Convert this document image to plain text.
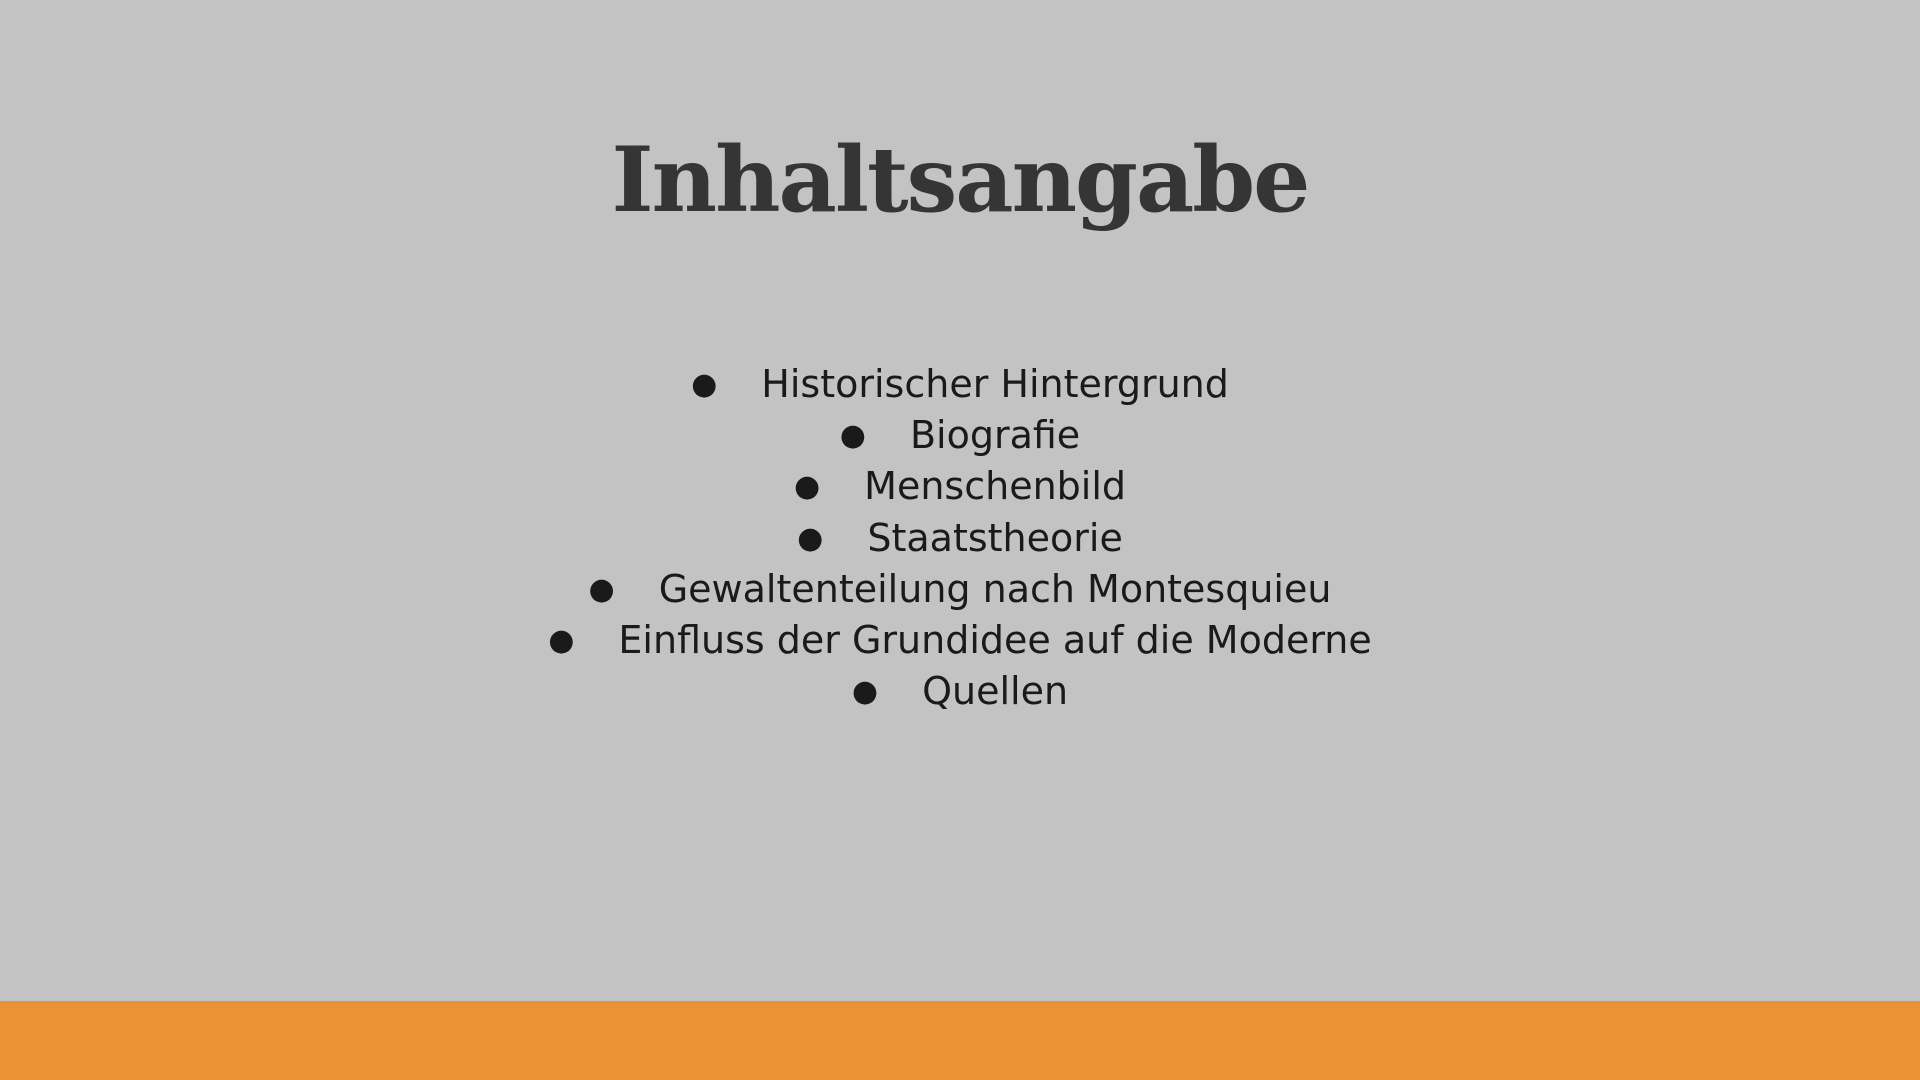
Inhaltsangabe
● Historischer Hintergrund
● Biografie
● Menschenbild
● Staatstheorie
● Gewaltenteilung nach Montesquieu
● Einfluss der Grundidee auf die Moderne
● Quellen
